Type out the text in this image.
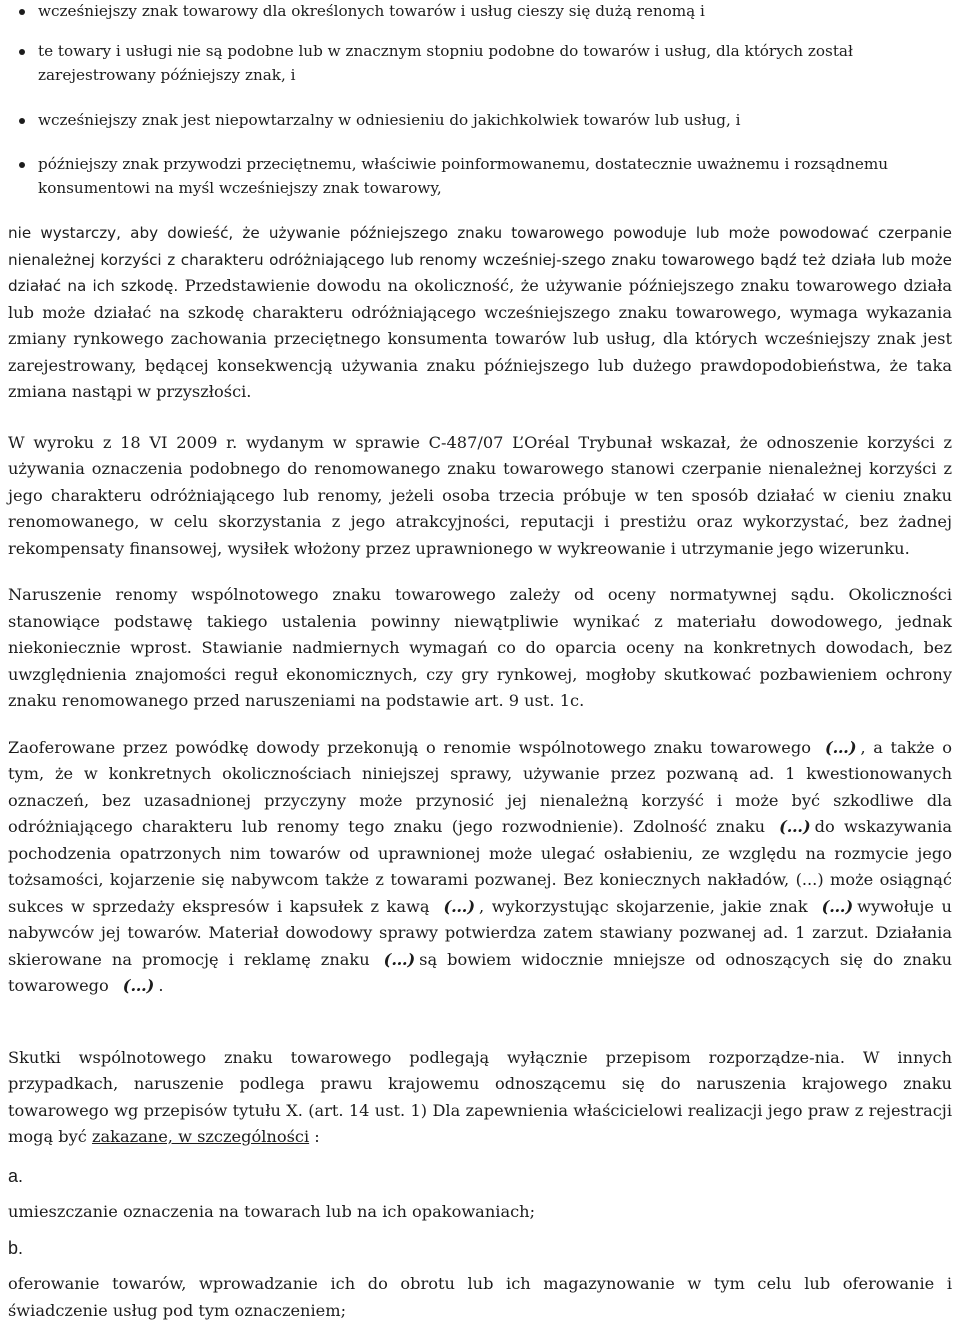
wcześniejszy znak towarowy dla określonych towarów i usług cieszy się dużą renomą i
te towary i usługi nie są podobne lub w znacznym stopniu podobne do towarów i usług, dla których został zarejestrowany późniejszy znak, i
wcześniejszy znak jest niepowtarzalny w odniesieniu do jakichkolwiek towarów lub usług, i
późniejszy znak przywodzi przeciętnemu, właściwie poinformowanemu, dostatecznie uważnemu i rozsądnemu konsumentowi na myśl wcześniejszy znak towarowy,

nie wystarczy, aby dowieść, że używanie późniejszego znaku towarowego powoduje lub może powodować czerpanie nienależnej korzyści z charakteru odróżniającego lub renomy wcześniej-szego znaku towarowego bądź też działa lub może działać na ich szkodę. Przedstawienie dowodu na okoliczność, że używanie późniejszego znaku towarowego działa lub może działać na szkodę charakteru odróżniającego wcześniejszego znaku towarowego, wymaga wykazania zmiany rynkowego zachowania przeciętnego konsumenta towarów lub usług, dla których wcześniejszy znak jest zarejestrowany, będącej konsekwencją używania znaku późniejszego lub dużego prawdopodobieństwa, że taka zmiana nastąpi w przyszłości.

W wyroku z 18 VI 2009 r. wydanym w sprawie C-487/07 L’Oréal Trybunał wskazał, że odnoszenie korzyści z używania oznaczenia podobnego do renomowanego znaku towarowego stanowi czerpanie nienależnej korzyści z jego charakteru odróżniającego lub renomy, jeżeli osoba trzecia próbuje w ten sposób działać w cieniu znaku renomowanego, w celu skorzystania z jego atrakcyjności, reputacji i prestiżu oraz wykorzystać, bez żadnej rekompensaty finansowej, wysiłek włożony przez uprawnionego w wykreowanie i utrzymanie jego wizerunku.

Naruszenie renomy wspólnotowego znaku towarowego zależy od oceny normatywnej sądu. Okoliczności stanowiące podstawę takiego ustalenia powinny niewątpliwie wynikać z materiału dowodowego, jednak niekoniecznie wprost. Stawianie nadmiernych wymagań co do oparcia oceny na konkretnych dowodach, bez uwzględnienia znajomości reguł ekonomicznych, czy gry rynkowej, mogłoby skutkować pozbawieniem ochrony znaku renomowanego przed naruszeniami na podstawie art. 9 ust. 1c.

Zaoferowane przez powódkę dowody przekonują o renomie wspólnotowego znaku towarowego (…) , a także o tym, że w konkretnych okolicznościach niniejszej sprawy, używanie przez pozwaną ad. 1 kwestionowanych oznaczeń, bez uzasadnionej przyczyny może przynosić jej nienależną korzyść i może być szkodliwe dla odróżniającego charakteru lub renomy tego znaku (jego rozwodnienie). Zdolność znaku (…) do wskazywania pochodzenia opatrzonych nim towarów od uprawnionej może ulegać osłabieniu, ze względu na rozmycie jego tożsamości, kojarzenie się nabywcom także z towarami pozwanej. Bez koniecznych nakładów, (...) może osiągnąć sukces w sprzedaży ekspresów i kapsułek z kawą (…) , wykorzystując skojarzenie, jakie znak (…) wywołuje u nabywców jej towarów. Materiał dowodowy sprawy potwierdza zatem stawiany pozwanej ad. 1 zarzut. Działania skierowane na promocję i reklamę znaku (…) są bowiem widocznie mniejsze od odnoszących się do znaku towarowego (…) .

Skutki wspólnotowego znaku towarowego podlegają wyłącznie przepisom rozporządze-nia. W innych przypadkach, naruszenie podlega prawu krajowemu odnoszącemu się do naruszenia krajowego znaku towarowego wg przepisów tytułu X. (art. 14 ust. 1) Dla zapewnienia właścicielowi realizacji jego praw z rejestracji mogą być zakazane, w szczególności :

a.

umieszczanie oznaczenia na towarach lub na ich opakowaniach;

b.

oferowanie towarów, wprowadzanie ich do obrotu lub ich magazynowanie w tym celu lub oferowanie i świadczenie usług pod tym oznaczeniem;
